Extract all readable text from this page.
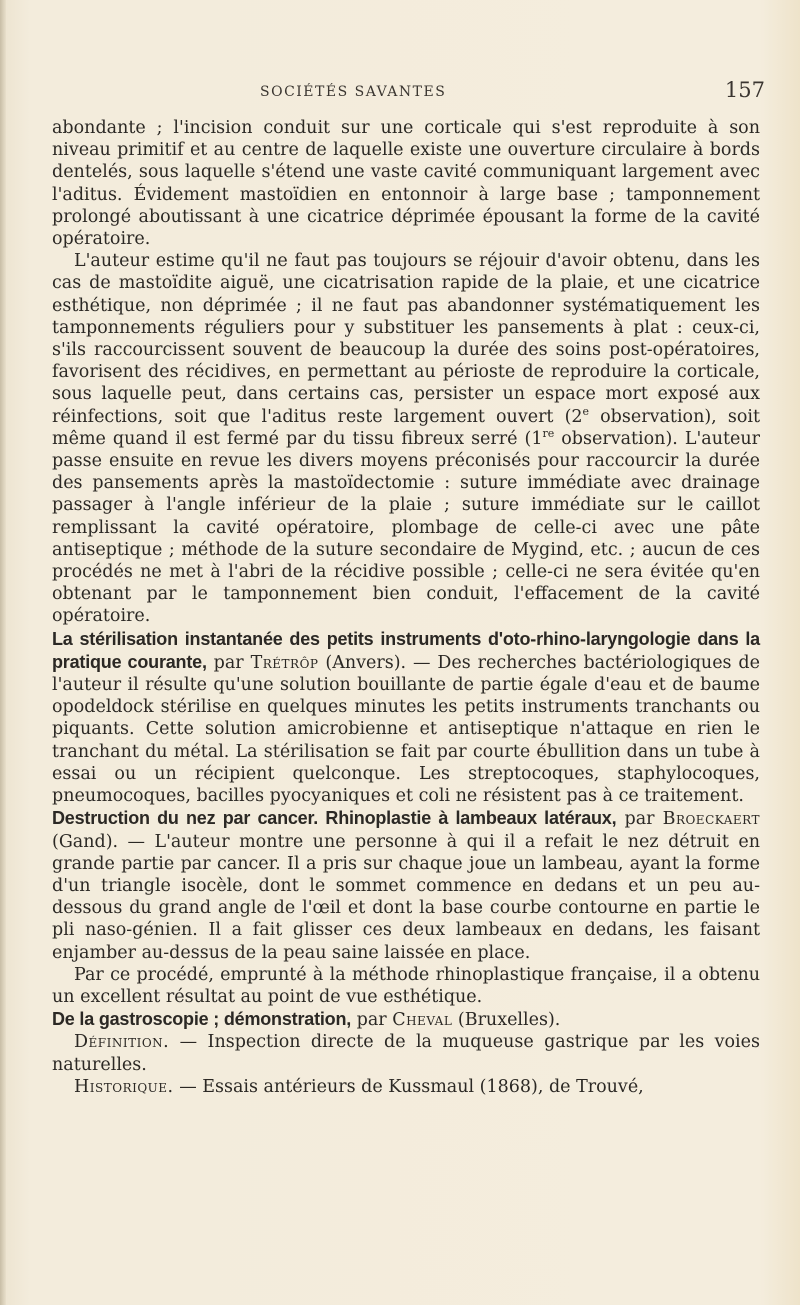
SOCIÉTÉS SAVANTES	157

abondante ; l'incision conduit sur une corticale qui s'est reproduite à son niveau primitif et au centre de laquelle existe une ouverture circulaire à bords dentelés, sous laquelle s'étend une vaste cavité communiquant largement avec l'aditus. Évidement mastoïdien en entonnoir à large base ; tamponnement prolongé aboutissant à une cicatrice déprimée épousant la forme de la cavité opératoire.

L'auteur estime qu'il ne faut pas toujours se réjouir d'avoir obtenu, dans les cas de mastoïdite aiguë, une cicatrisation rapide de la plaie, et une cicatrice esthétique, non déprimée ; il ne faut pas abandonner systématiquement les tamponnements réguliers pour y substituer les pansements à plat : ceux-ci, s'ils raccourcissent souvent de beaucoup la durée des soins post-opératoires, favorisent des récidives, en permettant au périoste de reproduire la corticale, sous laquelle peut, dans certains cas, persister un espace mort exposé aux réinfections, soit que l'aditus reste largement ouvert (2e observation), soit même quand il est fermé par du tissu fibreux serré (1re observation). L'auteur passe ensuite en revue les divers moyens préconisés pour raccourcir la durée des pansements après la mastoïdectomie : suture immédiate avec drainage passager à l'angle inférieur de la plaie ; suture immédiate sur le caillot remplissant la cavité opératoire, plombage de celle-ci avec une pâte antiseptique ; méthode de la suture secondaire de Mygind, etc. ; aucun de ces procédés ne met à l'abri de la récidive possible ; celle-ci ne sera évitée qu'en obtenant par le tamponnement bien conduit, l'effacement de la cavité opératoire.

La stérilisation instantanée des petits instruments d'oto-rhino-laryngologie dans la pratique courante, par Trétrôp (Anvers). — Des recherches bactériologiques de l'auteur il résulte qu'une solution bouillante de partie égale d'eau et de baume opodeldock stérilise en quelques minutes les petits instruments tranchants ou piquants. Cette solution amicrobienne et antiseptique n'attaque en rien le tranchant du métal. La stérilisation se fait par courte ébullition dans un tube à essai ou un récipient quelconque. Les streptocoques, staphylocoques, pneumocoques, bacilles pyocyaniques et coli ne résistent pas à ce traitement.

Destruction du nez par cancer. Rhinoplastie à lambeaux latéraux, par Broeckaert (Gand). — L'auteur montre une personne à qui il a refait le nez détruit en grande partie par cancer. Il a pris sur chaque joue un lambeau, ayant la forme d'un triangle isocèle, dont le sommet commence en dedans et un peu au-dessous du grand angle de l'œil et dont la base courbe contourne en partie le pli naso-génien. Il a fait glisser ces deux lambeaux en dedans, les faisant enjamber au-dessus de la peau saine laissée en place.

Par ce procédé, emprunté à la méthode rhinoplastique française, il a obtenu un excellent résultat au point de vue esthétique.

De la gastroscopie ; démonstration, par Cheval (Bruxelles).

Définition. — Inspection directe de la muqueuse gastrique par les voies naturelles.

Historique. — Essais antérieurs de Kussmaul (1868), de Trouvé,
